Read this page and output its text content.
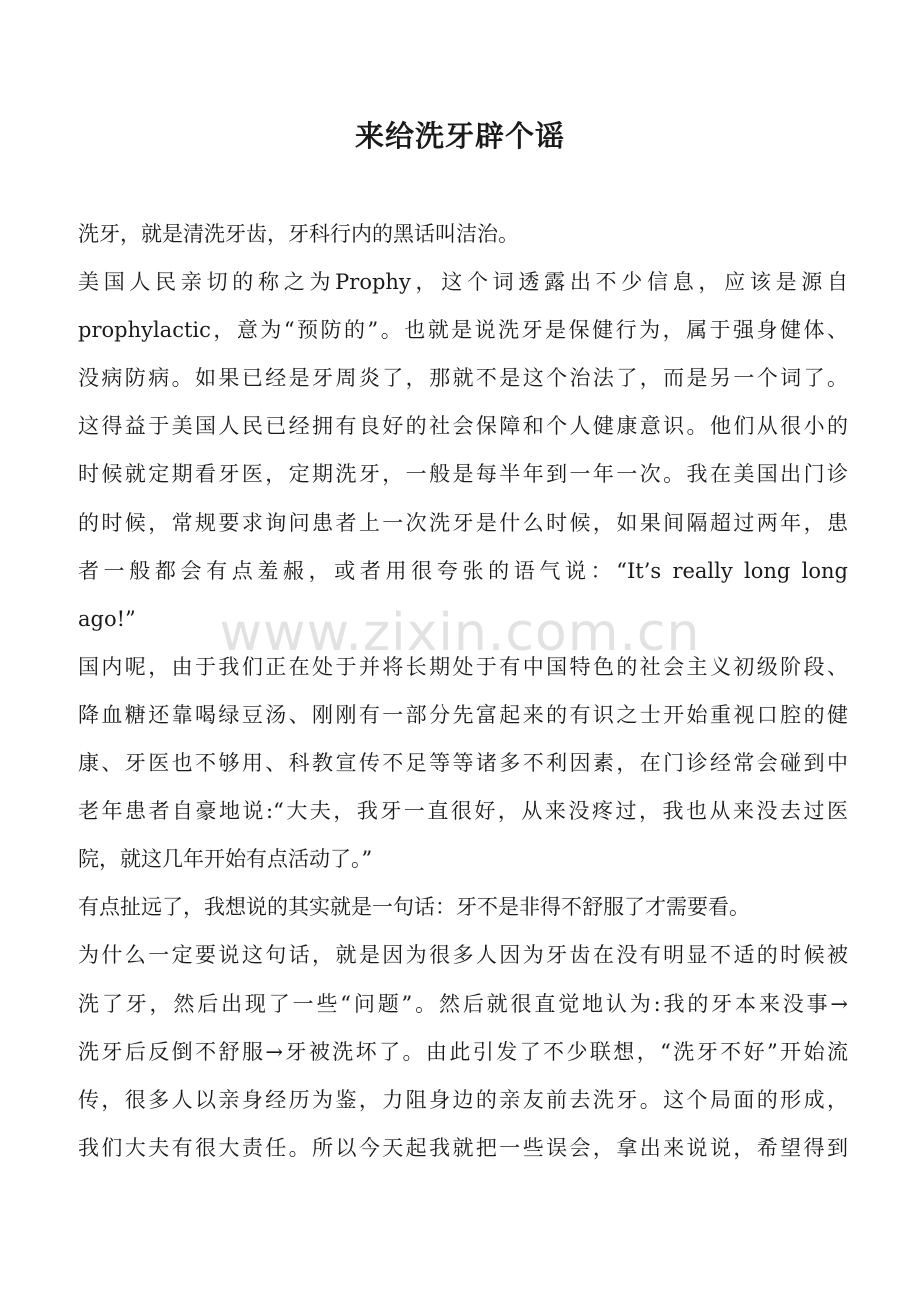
来给洗牙辟个谣
洗牙，就是清洗牙齿，牙科行内的黑话叫洁治。
美国人民亲切的称之为Prophy，这个词透露出不少信息，应该是源自
prophylactic，意为“预防的”。也就是说洗牙是保健行为，属于强身健体、
没病防病。如果已经是牙周炎了，那就不是这个治法了，而是另一个词了。
这得益于美国人民已经拥有良好的社会保障和个人健康意识。他们从很小的
时候就定期看牙医，定期洗牙，一般是每半年到一年一次。我在美国出门诊
的时候，常规要求询问患者上一次洗牙是什么时候，如果间隔超过两年，患
者一般都会有点羞赧，或者用很夸张的语气说：“It’s really long long
ago!”
国内呢，由于我们正在处于并将长期处于有中国特色的社会主义初级阶段、
降血糖还靠喝绿豆汤、刚刚有一部分先富起来的有识之士开始重视口腔的健
康、牙医也不够用、科教宣传不足等等诸多不利因素，在门诊经常会碰到中
老年患者自豪地说:“大夫，我牙一直很好，从来没疼过，我也从来没去过医
院，就这几年开始有点活动了。”
有点扯远了，我想说的其实就是一句话：牙不是非得不舒服了才需要看。
为什么一定要说这句话，就是因为很多人因为牙齿在没有明显不适的时候被
洗了牙，然后出现了一些“问题”。然后就很直觉地认为:我的牙本来没事→
洗牙后反倒不舒服→牙被洗坏了。由此引发了不少联想，“洗牙不好”开始流
传，很多人以亲身经历为鉴，力阻身边的亲友前去洗牙。这个局面的形成，
我们大夫有很大责任。所以今天起我就把一些误会，拿出来说说，希望得到
www.zixin.com.cn
